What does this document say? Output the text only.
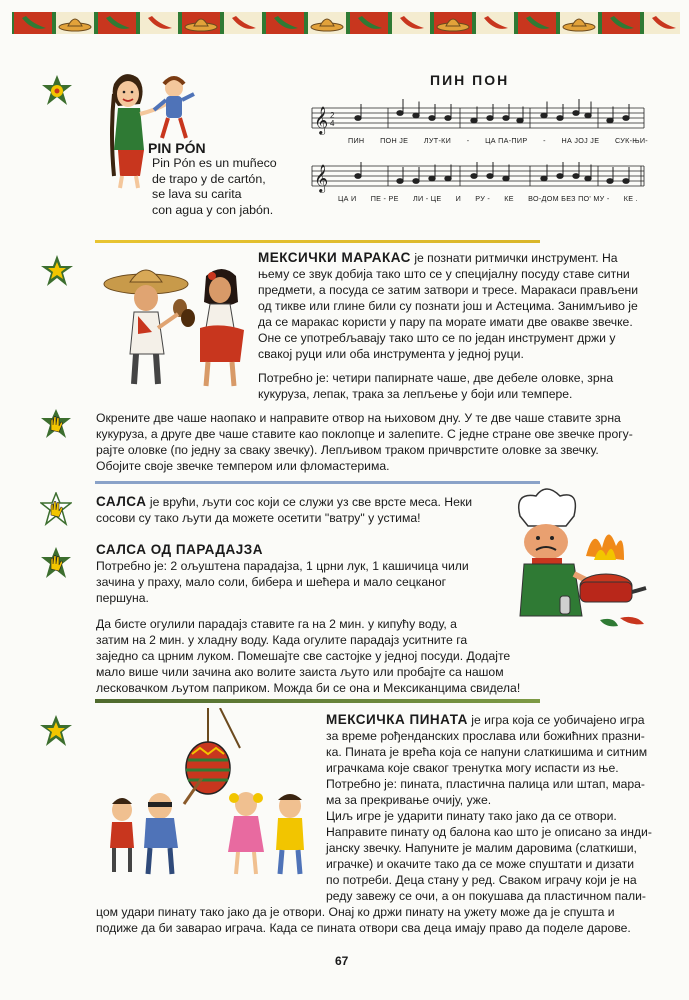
PIN PÓN
Pin Pón es un muñeco
de trapo y de cartón,
se lava su carita
con agua y con jabón.
ПИН ПОН
𝄞 2
4
ПИН ПОН ЈЕ ЛУТ-КИ - ЦА ПА-ПИР - НА ЈОЈ ЈЕ СУК-ЊИ-
𝄞
ЦА И ПЕ - РЕ ЛИ - ЦЕ И РУ - КЕ ВО-ДОМ БЕЗ ПО' МУ - КЕ .
МЕКСИЧКИ МАРАКАС је познати ритмички инструмент. На
њему се звук добија тако што се у специјалну посуду ставе ситни
предмети, а посуда се затим затвори и тресе. Маракаси прављени
од тикве или глине били су познати још и Астецима. Занимљиво је
да се маракас користи у пару па морате имати две овакве звечке.
Оне се употребљавају тако што се по један инструмент држи у
свакој руци или оба инструмента у једној руци.
Потребно је: четири папирнате чаше, две дебеле оловке, зрна
кукуруза, лепак, трака за лепљење у боји или темпере.
Окрените две чаше наопако и направите отвор на њиховом дну. У те две чаше ставите зрна
кукуруза, а друге две чаше ставите као поклопце и залепите. С једне стране ове звечке прогу-
рајте оловке (по једну за сваку звечку). Лепљивом траком причврстите оловке за звечку.
Обојите своје звечке темпером или фломастерима.
САЛСА је врући, љути сос који се служи уз све врсте меса. Неки
сосови су тако љути да можете осетити "ватру" у устима!
САЛСА ОД ПАРАДАЈЗА
Потребно је: 2 ољуштена парадајза, 1 црни лук, 1 кашичица чили
зачина у праху, мало соли, бибера и шећера и мало сецканог
першуна.
Да бисте огулили парадајз ставите га на 2 мин. у кипућу воду, а
затим на 2 мин. у хладну воду. Када огулите парадајз уситните га
заједно са црним луком. Помешајте све састојке у једној посуди. Додајте
мало више чили зачина ако волите заиста љуто или пробајте са нашом
лесковачком љутом паприком. Можда би се она и Мексиканцима свидела!
МЕКСИЧКА ПИНАТА је игра која се уобичајено игра
за време рођенданских прослава или божићних празни-
ка. Пината је врећа која се напуни слаткишима и ситним
играчкама које сваког тренутка могу испасти из ње.
Потребно је: пината, пластична палица или штап, мара-
ма за прекривање очију, уже.
Циљ игре је ударити пинату тако јако да се отвори.
Направите пинату од балона као што је описано за инди-
јанску звечку. Напуните је малим даровима (слаткиши,
играчке) и окачите тако да се може спуштати и дизати
по потреби. Деца стану у ред. Сваком играчу који је на
реду завежу се очи, а он покушава да пластичном пали-
цом удари пинату тако јако да је отвори. Онај ко држи пинату на ужету може да је спушта и
подиже да би заварао играча. Када се пината отвори сва деца имају право да поделе дарове.
67
